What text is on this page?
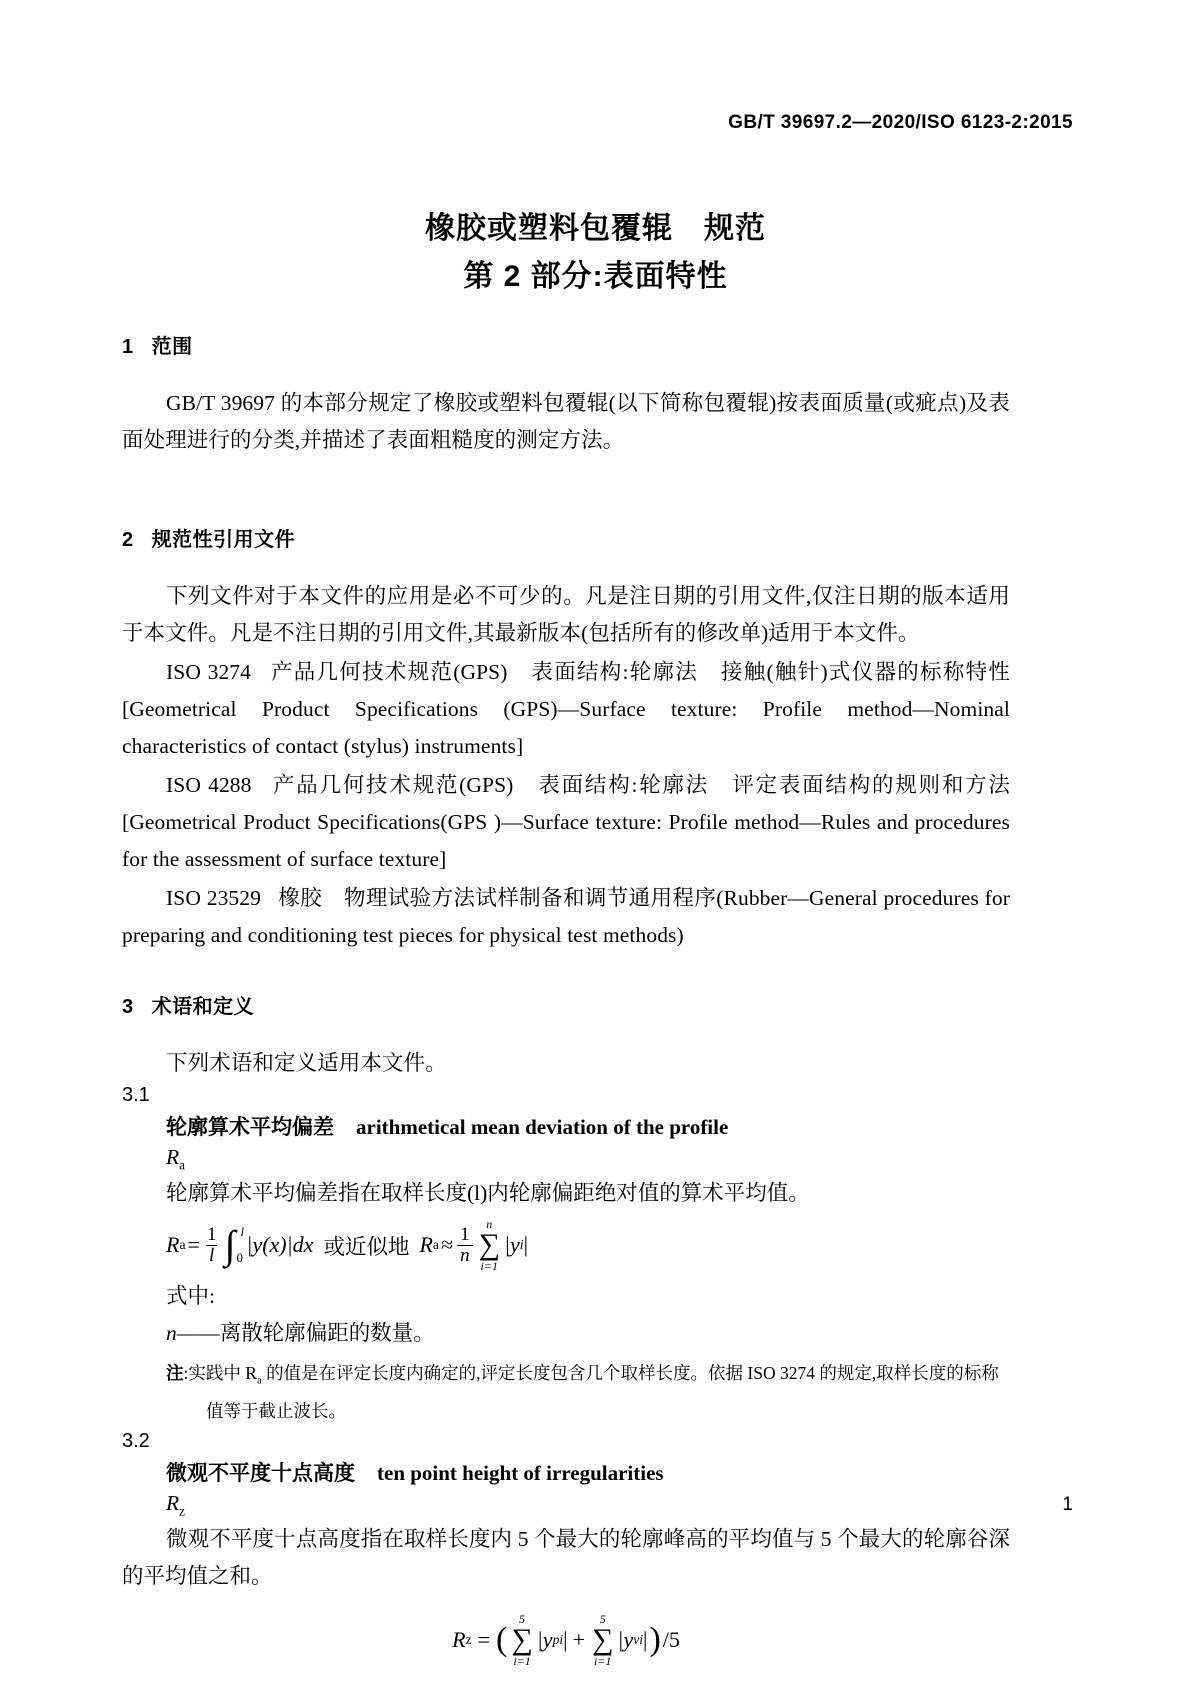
GB/T 39697.2—2020/ISO 6123-2:2015
橡胶或塑料包覆辊　规范
第 2 部分:表面特性
1 范围

GB/T 39697 的本部分规定了橡胶或塑料包覆辊(以下简称包覆辊)按表面质量(或疵点)及表面处理进行的分类,并描述了表面粗糙度的测定方法。

2 规范性引用文件

下列文件对于本文件的应用是必不可少的。凡是注日期的引用文件,仅注日期的版本适用于本文件。凡是不注日期的引用文件,其最新版本(包括所有的修改单)适用于本文件。

ISO 3274 产品几何技术规范(GPS)　表面结构:轮廓法　接触(触针)式仪器的标称特性[Geometrical Product Specifications (GPS)—Surface texture: Profile method—Nominal characteristics of contact (stylus) instruments]

ISO 4288 产品几何技术规范(GPS)　表面结构:轮廓法　评定表面结构的规则和方法[Geometrical Product Specifications(GPS )—Surface texture: Profile method—Rules and procedures for the assessment of surface texture]

ISO 23529 橡胶　物理试验方法试样制备和调节通用程序(Rubber—General procedures for preparing and conditioning test pieces for physical test methods)

3 术语和定义

下列术语和定义适用本文件。

3.1

轮廓算术平均偏差 arithmetical mean deviation of the profile

$R_a$

轮廓算术平均偏差指在取样长度(l)内轮廓偏距绝对值的算术平均值。

R $a = \frac{1}{l}$ ∫ l
0
|y(x)|dx 或近似地 R $a \approx \frac{1}{n}$
n
∑
i=1
|y i |

式中:

n——离散轮廓偏距的数量。

注:实践中 $R_a$ 的值是在评定长度内确定的,评定长度包含几个取样长度。依据 ISO 3274 的规定,取样长度的标称
值等于截止波长。

3.2

微观不平度十点高度 ten point height of irregularities

$R_z$

微观不平度十点高度指在取样长度内 5 个最大的轮廓峰高的平均值与 5 个最大的轮廓谷深的平均值之和。

R z = (
5
∑
i=1
|y pi | +
5
∑
i=1
|y vi | ) /5
1
